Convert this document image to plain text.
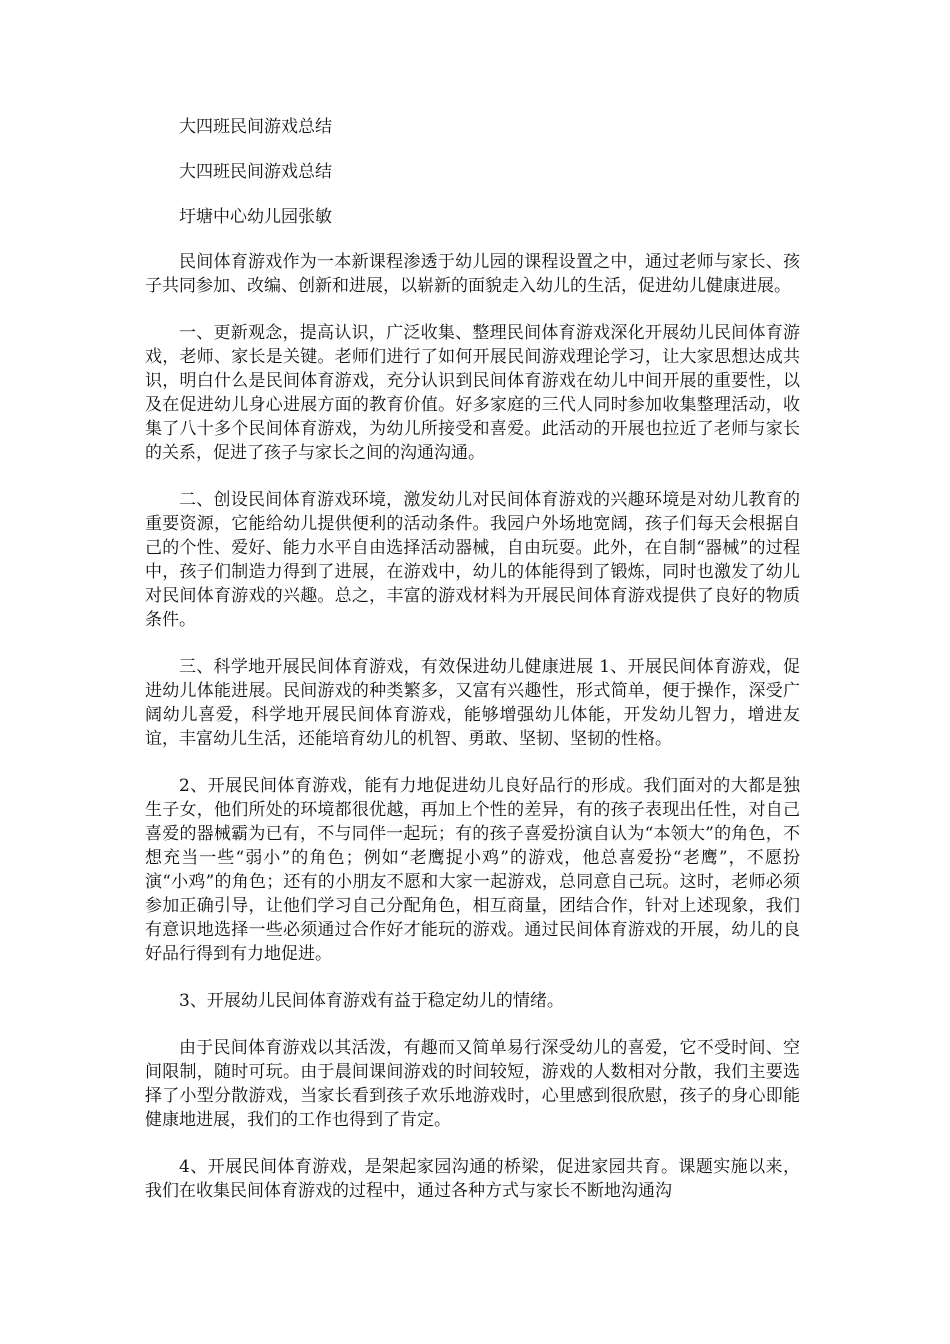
大四班民间游戏总结

大四班民间游戏总结

圩塘中心幼儿园张敏

民间体育游戏作为一本新课程渗透于幼儿园的课程设置之中，通过老师与家长、孩子共同参加、改编、创新和进展，以崭新的面貌走入幼儿的生活，促进幼儿健康进展。

一、更新观念，提高认识，广泛收集、整理民间体育游戏深化开展幼儿民间体育游戏，老师、家长是关键。老师们进行了如何开展民间游戏理论学习，让大家思想达成共识，明白什么是民间体育游戏，充分认识到民间体育游戏在幼儿中间开展的重要性，以及在促进幼儿身心进展方面的教育价值。好多家庭的三代人同时参加收集整理活动，收集了八十多个民间体育游戏，为幼儿所接受和喜爱。此活动的开展也拉近了老师与家长的关系，促进了孩子与家长之间的沟通沟通。

二、创设民间体育游戏环境，激发幼儿对民间体育游戏的兴趣环境是对幼儿教育的重要资源，它能给幼儿提供便利的活动条件。我园户外场地宽阔，孩子们每天会根据自己的个性、爱好、能力水平自由选择活动器械，自由玩耍。此外，在自制“器械”的过程中，孩子们制造力得到了进展，在游戏中，幼儿的体能得到了锻炼，同时也激发了幼儿对民间体育游戏的兴趣。总之，丰富的游戏材料为开展民间体育游戏提供了良好的物质条件。

三、科学地开展民间体育游戏，有效保进幼儿健康进展 1、开展民间体育游戏，促进幼儿体能进展。民间游戏的种类繁多，又富有兴趣性，形式简单，便于操作，深受广阔幼儿喜爱，科学地开展民间体育游戏，能够增强幼儿体能，开发幼儿智力，增进友谊，丰富幼儿生活，还能培育幼儿的机智、勇敢、坚韧、坚韧的性格。

2、开展民间体育游戏，能有力地促进幼儿良好品行的形成。我们面对的大都是独生子女，他们所处的环境都很优越，再加上个性的差异，有的孩子表现出任性，对自己喜爱的器械霸为已有，不与同伴一起玩；有的孩子喜爱扮演自认为“本领大”的角色，不想充当一些“弱小”的角色；例如“老鹰捉小鸡”的游戏，他总喜爱扮“老鹰”，不愿扮演“小鸡”的角色；还有的小朋友不愿和大家一起游戏，总同意自己玩。这时，老师必须参加正确引导，让他们学习自己分配角色，相互商量，团结合作，针对上述现象，我们有意识地选择一些必须通过合作好才能玩的游戏。通过民间体育游戏的开展，幼儿的良好品行得到有力地促进。

3、开展幼儿民间体育游戏有益于稳定幼儿的情绪。

由于民间体育游戏以其活泼，有趣而又简单易行深受幼儿的喜爱，它不受时间、空间限制，随时可玩。由于晨间课间游戏的时间较短，游戏的人数相对分散，我们主要选择了小型分散游戏，当家长看到孩子欢乐地游戏时，心里感到很欣慰，孩子的身心即能健康地进展，我们的工作也得到了肯定。

4、开展民间体育游戏，是架起家园沟通的桥梁，促进家园共育。课题实施以来，我们在收集民间体育游戏的过程中，通过各种方式与家长不断地沟通沟
